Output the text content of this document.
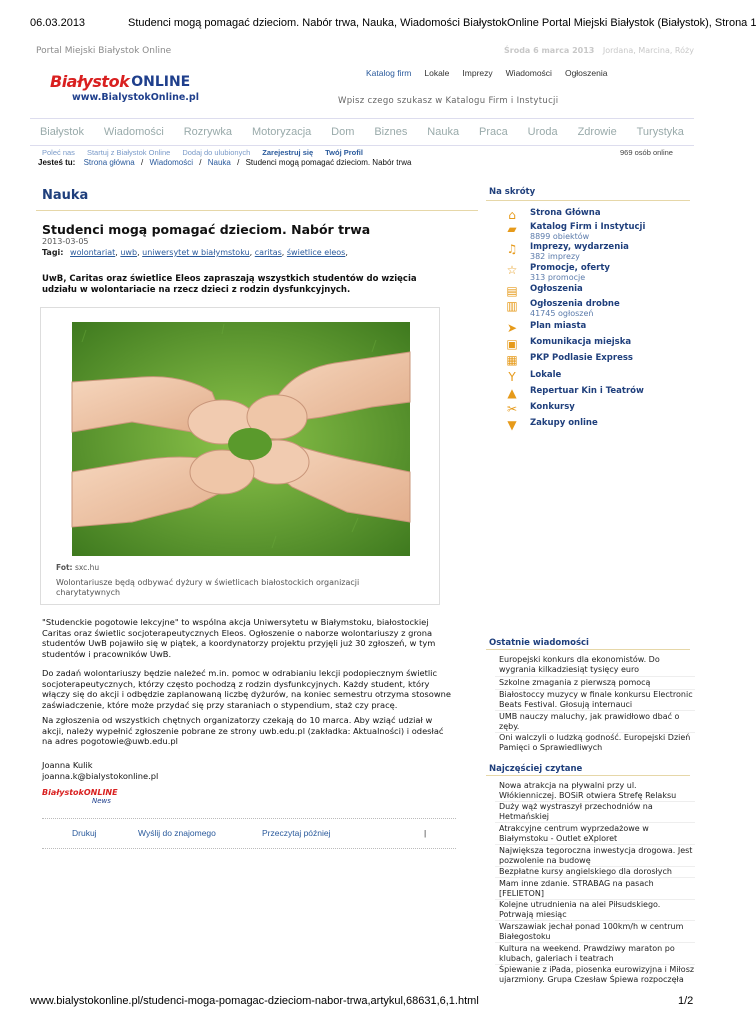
06.03.2013	Studenci mogą pomagać dzieciom. Nabór trwa, Nauka, Wiadomości BiałystokOnline Portal Miejski Białystok (Białystok), Strona 1
Portal Miejski Białystok Online	Środa 6 marca 2013 Jordana, Marcina, Róży
Białystok ONLINE
www.BialystokOnline.pl
Katalog firm Lokale Imprezy Wiadomości Ogłoszenia
Wpisz czego szukasz w Katalogu Firm i Instytucji
Białystok Wiadomości Rozrywka Motoryzacja Dom Biznes Nauka Praca Uroda Zdrowie Turystyka
Poleć nas Startuj z Białystok Online Dodaj do ulubionych Zarejestruj się Twój Profil	969 osób online
Jesteś tu: Strona główna / Wiadomości / Nauka / Studenci mogą pomagać dzieciom. Nabór trwa
Nauka
Studenci mogą pomagać dzieciom. Nabór trwa
2013-03-05
Tagi: wolontariat, uwb, uniwersytet w białymstoku, caritas, świetlice eleos,
UwB, Caritas oraz świetlice Eleos zapraszają wszystkich studentów do wzięcia udziału w wolontariacie na rzecz dzieci z rodzin dysfunkcyjnych.
Fot: sxc.hu
Wolontariusze będą odbywać dyżury w świetlicach białostockich organizacji charytatywnych
"Studenckie pogotowie lekcyjne" to wspólna akcja Uniwersytetu w Białymstoku, białostockiej Caritas oraz świetlic socjoterapeutycznych Eleos. Ogłoszenie o naborze wolontariuszy z grona studentów UwB pojawiło się w piątek, a koordynatorzy projektu przyjęli już 30 zgłoszeń, w tym studentów i pracowników UwB.
Do zadań wolontariuszy będzie należeć m.in. pomoc w odrabianiu lekcji podopiecznym świetlic socjoterapeutycznych, którzy często pochodzą z rodzin dysfunkcyjnych. Każdy student, który włączy się do akcji i odbędzie zaplanowaną liczbę dyżurów, na koniec semestru otrzyma stosowne zaświadczenie, które może przydać się przy staraniach o stypendium, staż czy pracę.
Na zgłoszenia od wszystkich chętnych organizatorzy czekają do 10 marca. Aby wziąć udział w akcji, należy wypełnić zgłoszenie pobrane ze strony uwb.edu.pl (zakładka: Aktualności) i odesłać na adres pogotowie@uwb.edu.pl
Joanna Kulik
joanna.k@bialystokonline.pl
BiałystokONLINE
News
Drukuj	Wyślij do znajomego	Przeczytaj później	|
Na skróty
⌂	Strona Główna
▰	Katalog Firm i Instytucji
8899 obiektów
♫	Imprezy, wydarzenia
382 imprezy
☆	Promocje, oferty
313 promocje
▤ Ogłoszenia
▥ Ogłoszenia drobne
41745 ogłoszeń
➤	Plan miasta
▣ Komunikacja miejska
▦ PKP Podlasie Express
Y	Lokale
▲	Repertuar Kin i Teatrów
✂	Konkursy
▼	Zakupy online
Ostatnie wiadomości
Europejski konkurs dla ekonomistów. Do wygrania kilkadziesiąt tysięcy euro
Szkolne zmagania z pierwszą pomocą
Białostoccy muzycy w finale konkursu Electronic Beats Festival. Głosują internauci
UMB nauczy maluchy, jak prawidłowo dbać o zęby.
Oni walczyli o ludzką godność. Europejski Dzień Pamięci o Sprawiedliwych
Najczęściej czytane
Nowa atrakcja na pływalni przy ul. Włókienniczej. BOSiR otwiera Strefę Relaksu
Duży wąż wystraszył przechodniów na Hetmańskiej
Atrakcyjne centrum wyprzedażowe w Białymstoku - Outlet eXploret
Największa tegoroczna inwestycja drogowa. Jest pozwolenie na budowę
Bezpłatne kursy angielskiego dla dorosłych
Mam inne zdanie. STRABAG na pasach [FELIETON]
Kolejne utrudnienia na alei Piłsudskiego. Potrwają miesiąc
Warszawiak jechał ponad 100km/h w centrum Białegostoku
Kultura na weekend. Prawdziwy maraton po klubach, galeriach i teatrach
Śpiewanie z iPada, piosenka eurowizyjna i Miłosz ujarzmiony. Grupa Czesław Śpiewa rozpoczęła
www.bialystokonline.pl/studenci-moga-pomagac-dzieciom-nabor-trwa,artykul,68631,6,1.html	1/2
